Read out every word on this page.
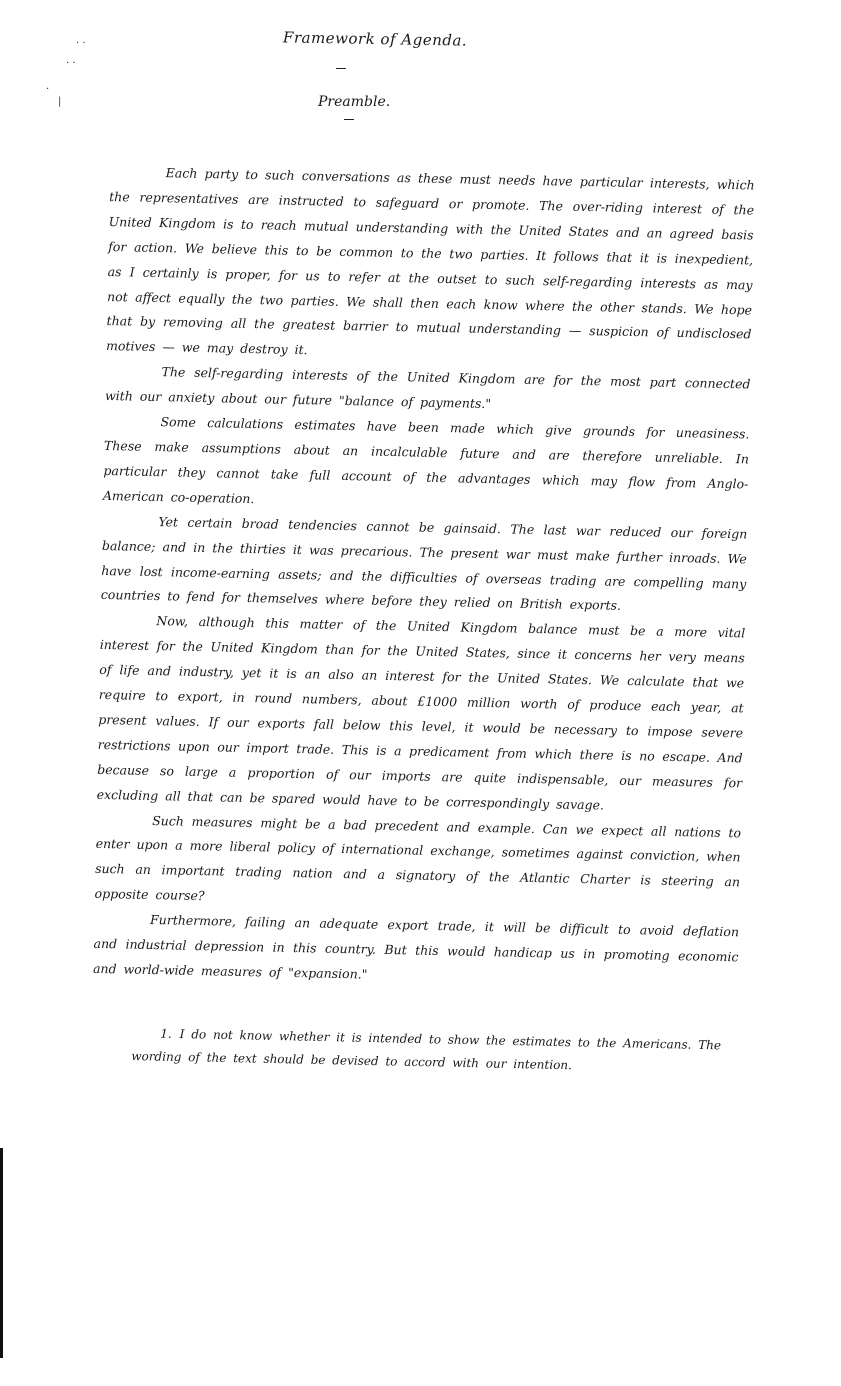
· ·
· ·
·
|
Framework of Agenda.
Preamble.

Each party to such conversations as these must needs have particular interests, which the representatives are instructed to safeguard or promote. The over-riding interest of the United Kingdom is to reach mutual understanding with the United States and an agreed basis for action. We believe this to be common to the two parties. It follows that it is inexpedient, as I certainly is proper, for us to refer at the outset to such self-regarding interests as may not affect equally the two parties. We shall then each know where the other stands. We hope that by removing all the greatest barrier to mutual understanding — suspicion of undisclosed motives — we may destroy it.

The self-regarding interests of the United Kingdom are for the most part connected with our anxiety about our future "balance of payments."

Some calculations estimates have been made which give grounds for uneasiness. These make assumptions about an incalculable future and are therefore unreliable. In particular they cannot take full account of the advantages which may flow from Anglo-American co-operation.

Yet certain broad tendencies cannot be gainsaid. The last war reduced our foreign balance; and in the thirties it was precarious. The present war must make further inroads. We have lost income-earning assets; and the difficulties of overseas trading are compelling many countries to fend for themselves where before they relied on British exports.

Now, although this matter of the United Kingdom balance must be a more vital interest for the United Kingdom than for the United States, since it concerns her very means of life and industry, yet it is an also an interest for the United States. We calculate that we require to export, in round numbers, about £1000 million worth of produce each year, at present values. If our exports fall below this level, it would be necessary to impose severe restrictions upon our import trade. This is a predicament from which there is no escape. And because so large a proportion of our imports are quite indispensable, our measures for excluding all that can be spared would have to be correspondingly savage.

Such measures might be a bad precedent and example. Can we expect all nations to enter upon a more liberal policy of international exchange, sometimes against conviction, when such an important trading nation and a signatory of the Atlantic Charter is steering an opposite course?

Furthermore, failing an adequate export trade, it will be difficult to avoid deflation and industrial depression in this country. But this would handicap us in promoting economic and world-wide measures of "expansion."

1. I do not know whether it is intended to show the estimates to the Americans. The wording of the text should be devised to accord with our intention.
